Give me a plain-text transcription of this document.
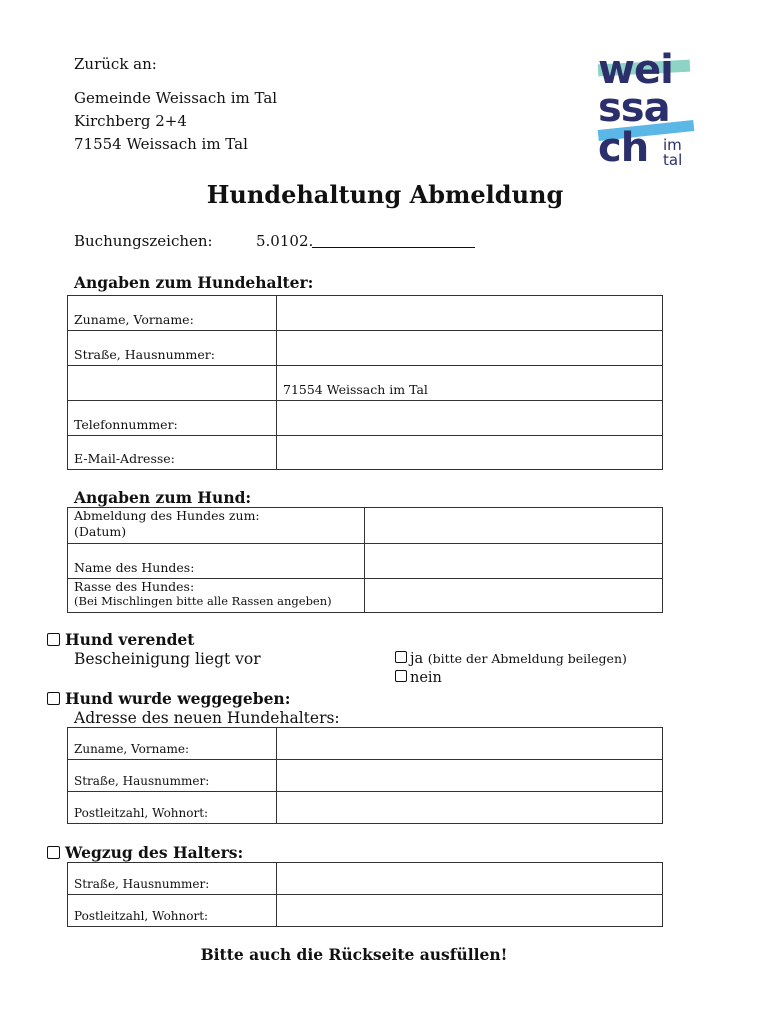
Zurück an:
Gemeinde Weissach im Tal
Kirchberg 2+4
71554 Weissach im Tal
wei
ssa
ch im
tal
Hundehaltung Abmeldung
Buchungszeichen:	5.0102.
Angaben zum Hundehalter:
Zuname, Vorname:	
Straße, Hausnummer:	
	71554 Weissach im Tal
Telefonnummer:	
E-Mail-Adresse:	
Angaben zum Hund:
Abmeldung des Hundes zum:
(Datum)	

Name des Hundes:	

Rasse des Hundes:
(Bei Mischlingen bitte alle Rassen angeben)	

Hund verendet
Bescheinigung liegt vor	ja (bitte der Abmeldung beilegen)
nein
Hund wurde weggegeben:
Adresse des neuen Hundehalters:
Zuname, Vorname:	
Straße, Hausnummer:	
Postleitzahl, Wohnort:	
Wegzug des Halters:
Straße, Hausnummer:	
Postleitzahl, Wohnort:	
Bitte auch die Rückseite ausfüllen!
